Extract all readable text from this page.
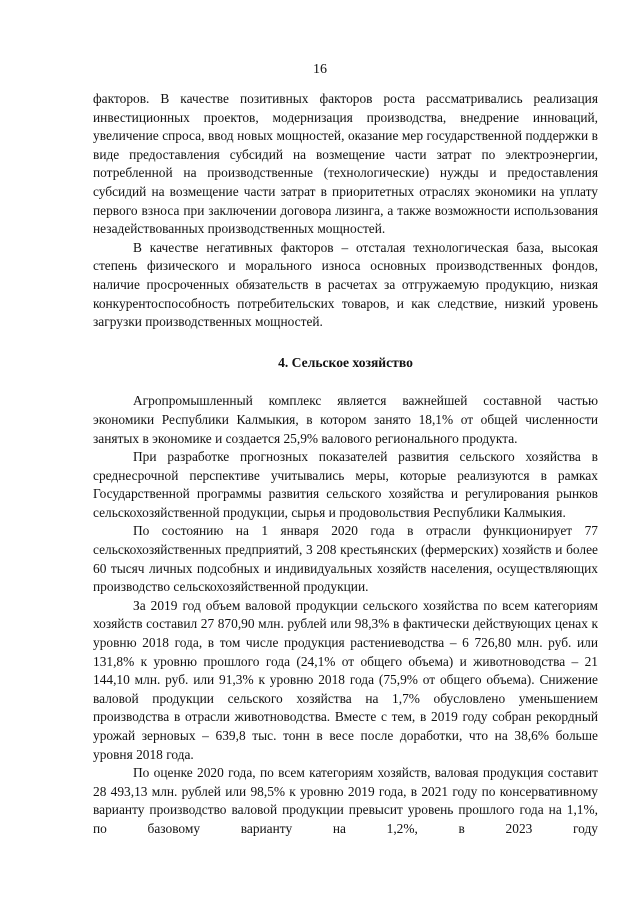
16

факторов. В качестве позитивных факторов роста рассматривались реализация инвестиционных проектов, модернизация производства, внедрение инноваций, увеличение спроса, ввод новых мощностей, оказание мер государственной поддержки в виде предоставления субсидий на возмещение части затрат по электроэнергии, потребленной на производственные (технологические) нужды и предоставления субсидий на возмещение части затрат в приоритетных отраслях экономики на уплату первого взноса при заключении договора лизинга, а также возможности использования незадействованных производственных мощностей.

В качестве негативных факторов – отсталая технологическая база, высокая степень физического и морального износа основных производственных фондов, наличие просроченных обязательств в расчетах за отгружаемую продукцию, низкая конкурентоспособность потребительских товаров, и как следствие, низкий уровень загрузки производственных мощностей.

4. Сельское хозяйство

Агропромышленный комплекс является важнейшей составной частью экономики Республики Калмыкия, в котором занято 18,1% от общей численности занятых в экономике и создается 25,9% валового регионального продукта.

При разработке прогнозных показателей развития сельского хозяйства в среднесрочной перспективе учитывались меры, которые реализуются в рамках Государственной программы развития сельского хозяйства и регулирования рынков сельскохозяйственной продукции, сырья и продовольствия Республики Калмыкия.

По состоянию на 1 января 2020 года в отрасли функционирует 77 сельскохозяйственных предприятий, 3 208 крестьянских (фермерских) хозяйств и более 60 тысяч личных подсобных и индивидуальных хозяйств населения, осуществляющих производство сельскохозяйственной продукции.

За 2019 год объем валовой продукции сельского хозяйства по всем категориям хозяйств составил 27 870,90 млн. рублей или 98,3% в фактически действующих ценах к уровню 2018 года, в том числе продукция растениеводства – 6 726,80 млн. руб. или 131,8% к уровню прошлого года (24,1% от общего объема) и животноводства – 21 144,10 млн. руб. или 91,3% к уровню 2018 года (75,9% от общего объема). Снижение валовой продукции сельского хозяйства на 1,7% обусловлено уменьшением производства в отрасли животноводства. Вместе с тем, в 2019 году собран рекордный урожай зерновых – 639,8 тыс. тонн в весе после доработки, что на 38,6% больше уровня 2018 года.

По оценке 2020 года, по всем категориям хозяйств, валовая продукция составит 28 493,13 млн. рублей или 98,5% к уровню 2019 года, в 2021 году по консервативному варианту производство валовой продукции превысит уровень прошлого года на 1,1%, по базовому варианту на 1,2%, в 2023 году
